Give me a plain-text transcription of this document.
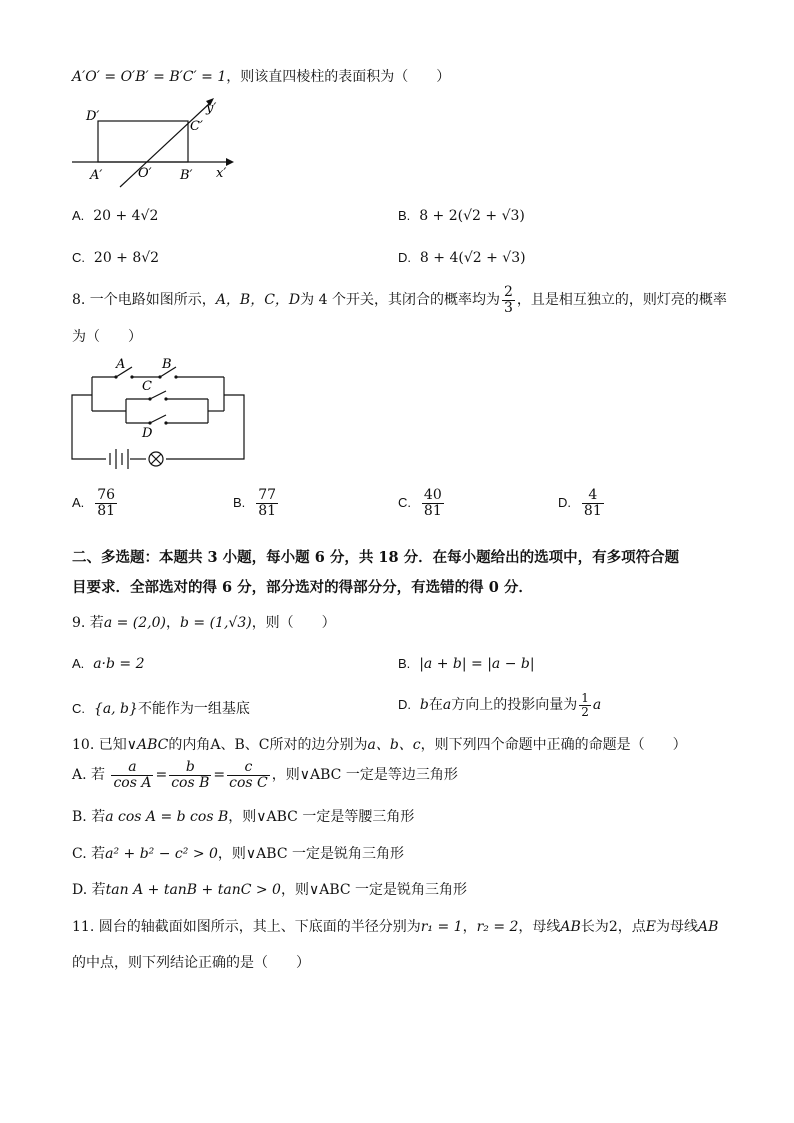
A′O′ = O′B′ = B′C′ = 1，则该直四棱柱的表面积为（　　）
D′
C′
y′
A′	O′ B′ x′
A. 20 + 4√2	B. 8 + 2(√2 + √3)
C. 20 + 8√2	D. 8 + 4(√2 + √3)
8. 一个电路如图所示，A，B，C，D为 4 个开关，其闭合的概率均为 $\frac{2}{3}$ ，且是相互独立的，则灯亮的概率
为（　　）
A	B
C
D
A. $\frac{76}{81}$	B. $\frac{77}{81}$	C. $\frac{40}{81}$	D. $\frac{4}{81}$
二、多选题：本题共 3 小题，每小题 6 分，共 18 分．在每小题给出的选项中，有多项符合题
目要求．全部选对的得 6 分，部分选对的得部分分，有选错的得 0 分．
9. 若a = (2,0)，b = (1,√3)，则（　　）
A. a·b = 2	B. |a + b| = |a − b|
C. {a, b}不能作为一组基底	D. b在a方向上的投影向量为 $\frac{1}{2}$ a
10. 已知∨ABC的内角A、B、C所对的边分别为a、b、c，则下列四个命题中正确的命题是（　　）
A. 若 $\frac{a}{\text{cos A}} = \frac{b}{\text{cos B}} = \frac{c}{\text{cos C}}$ ，则∨ABC 一定是等边三角形
B. 若a cos A = b cos B，则∨ABC 一定是等腰三角形
C. 若a² + b² − c² > 0，则∨ABC 一定是锐角三角形
D. 若tan A + tanB + tanC > 0，则∨ABC 一定是锐角三角形
11. 圆台的轴截面如图所示，其上、下底面的半径分别为r₁ = 1，r₂ = 2，母线AB长为2，点E为母线AB
的中点，则下列结论正确的是（　　）
